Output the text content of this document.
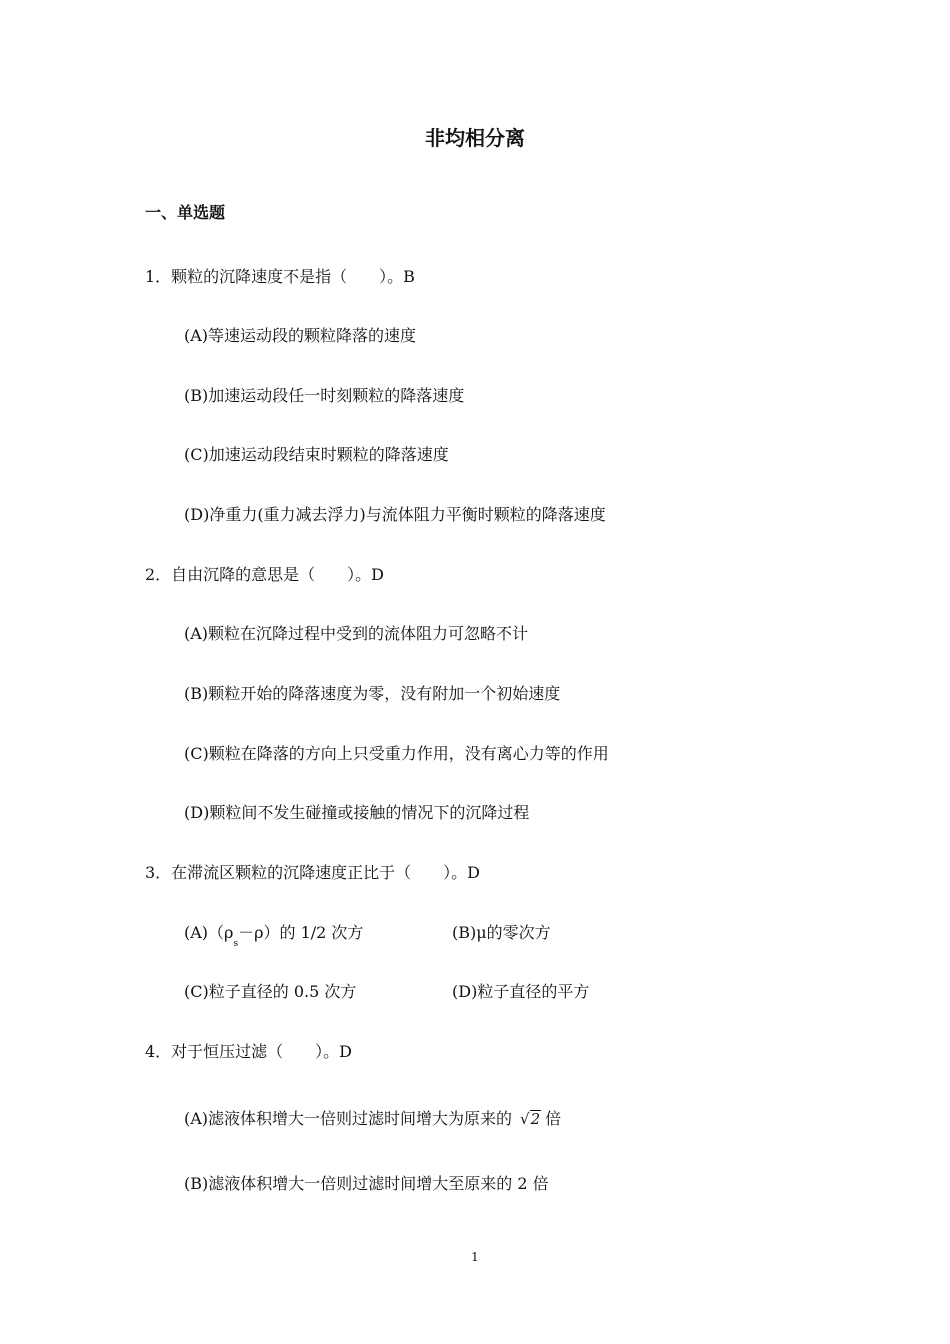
非均相分离
一、单选题
1．颗粒的沉降速度不是指（　　）。B
(A)等速运动段的颗粒降落的速度
(B)加速运动段任一时刻颗粒的降落速度
(C)加速运动段结束时颗粒的降落速度
(D)净重力(重力减去浮力)与流体阻力平衡时颗粒的降落速度
2．自由沉降的意思是（　　）。D
(A)颗粒在沉降过程中受到的流体阻力可忽略不计
(B)颗粒开始的降落速度为零，没有附加一个初始速度
(C)颗粒在降落的方向上只受重力作用，没有离心力等的作用
(D)颗粒间不发生碰撞或接触的情况下的沉降过程
3．在滞流区颗粒的沉降速度正比于（　　）。D
$(A)(\rho_s-\rho)$的 1/2 次方	(B)μ的零次方
(C)粒子直径的 0.5 次方	(D)粒子直径的平方
4．对于恒压过滤（　　）。D
(A)滤液体积增大一倍则过滤时间增大为原来的 √2 倍
(B)滤液体积增大一倍则过滤时间增大至原来的 2 倍
1
